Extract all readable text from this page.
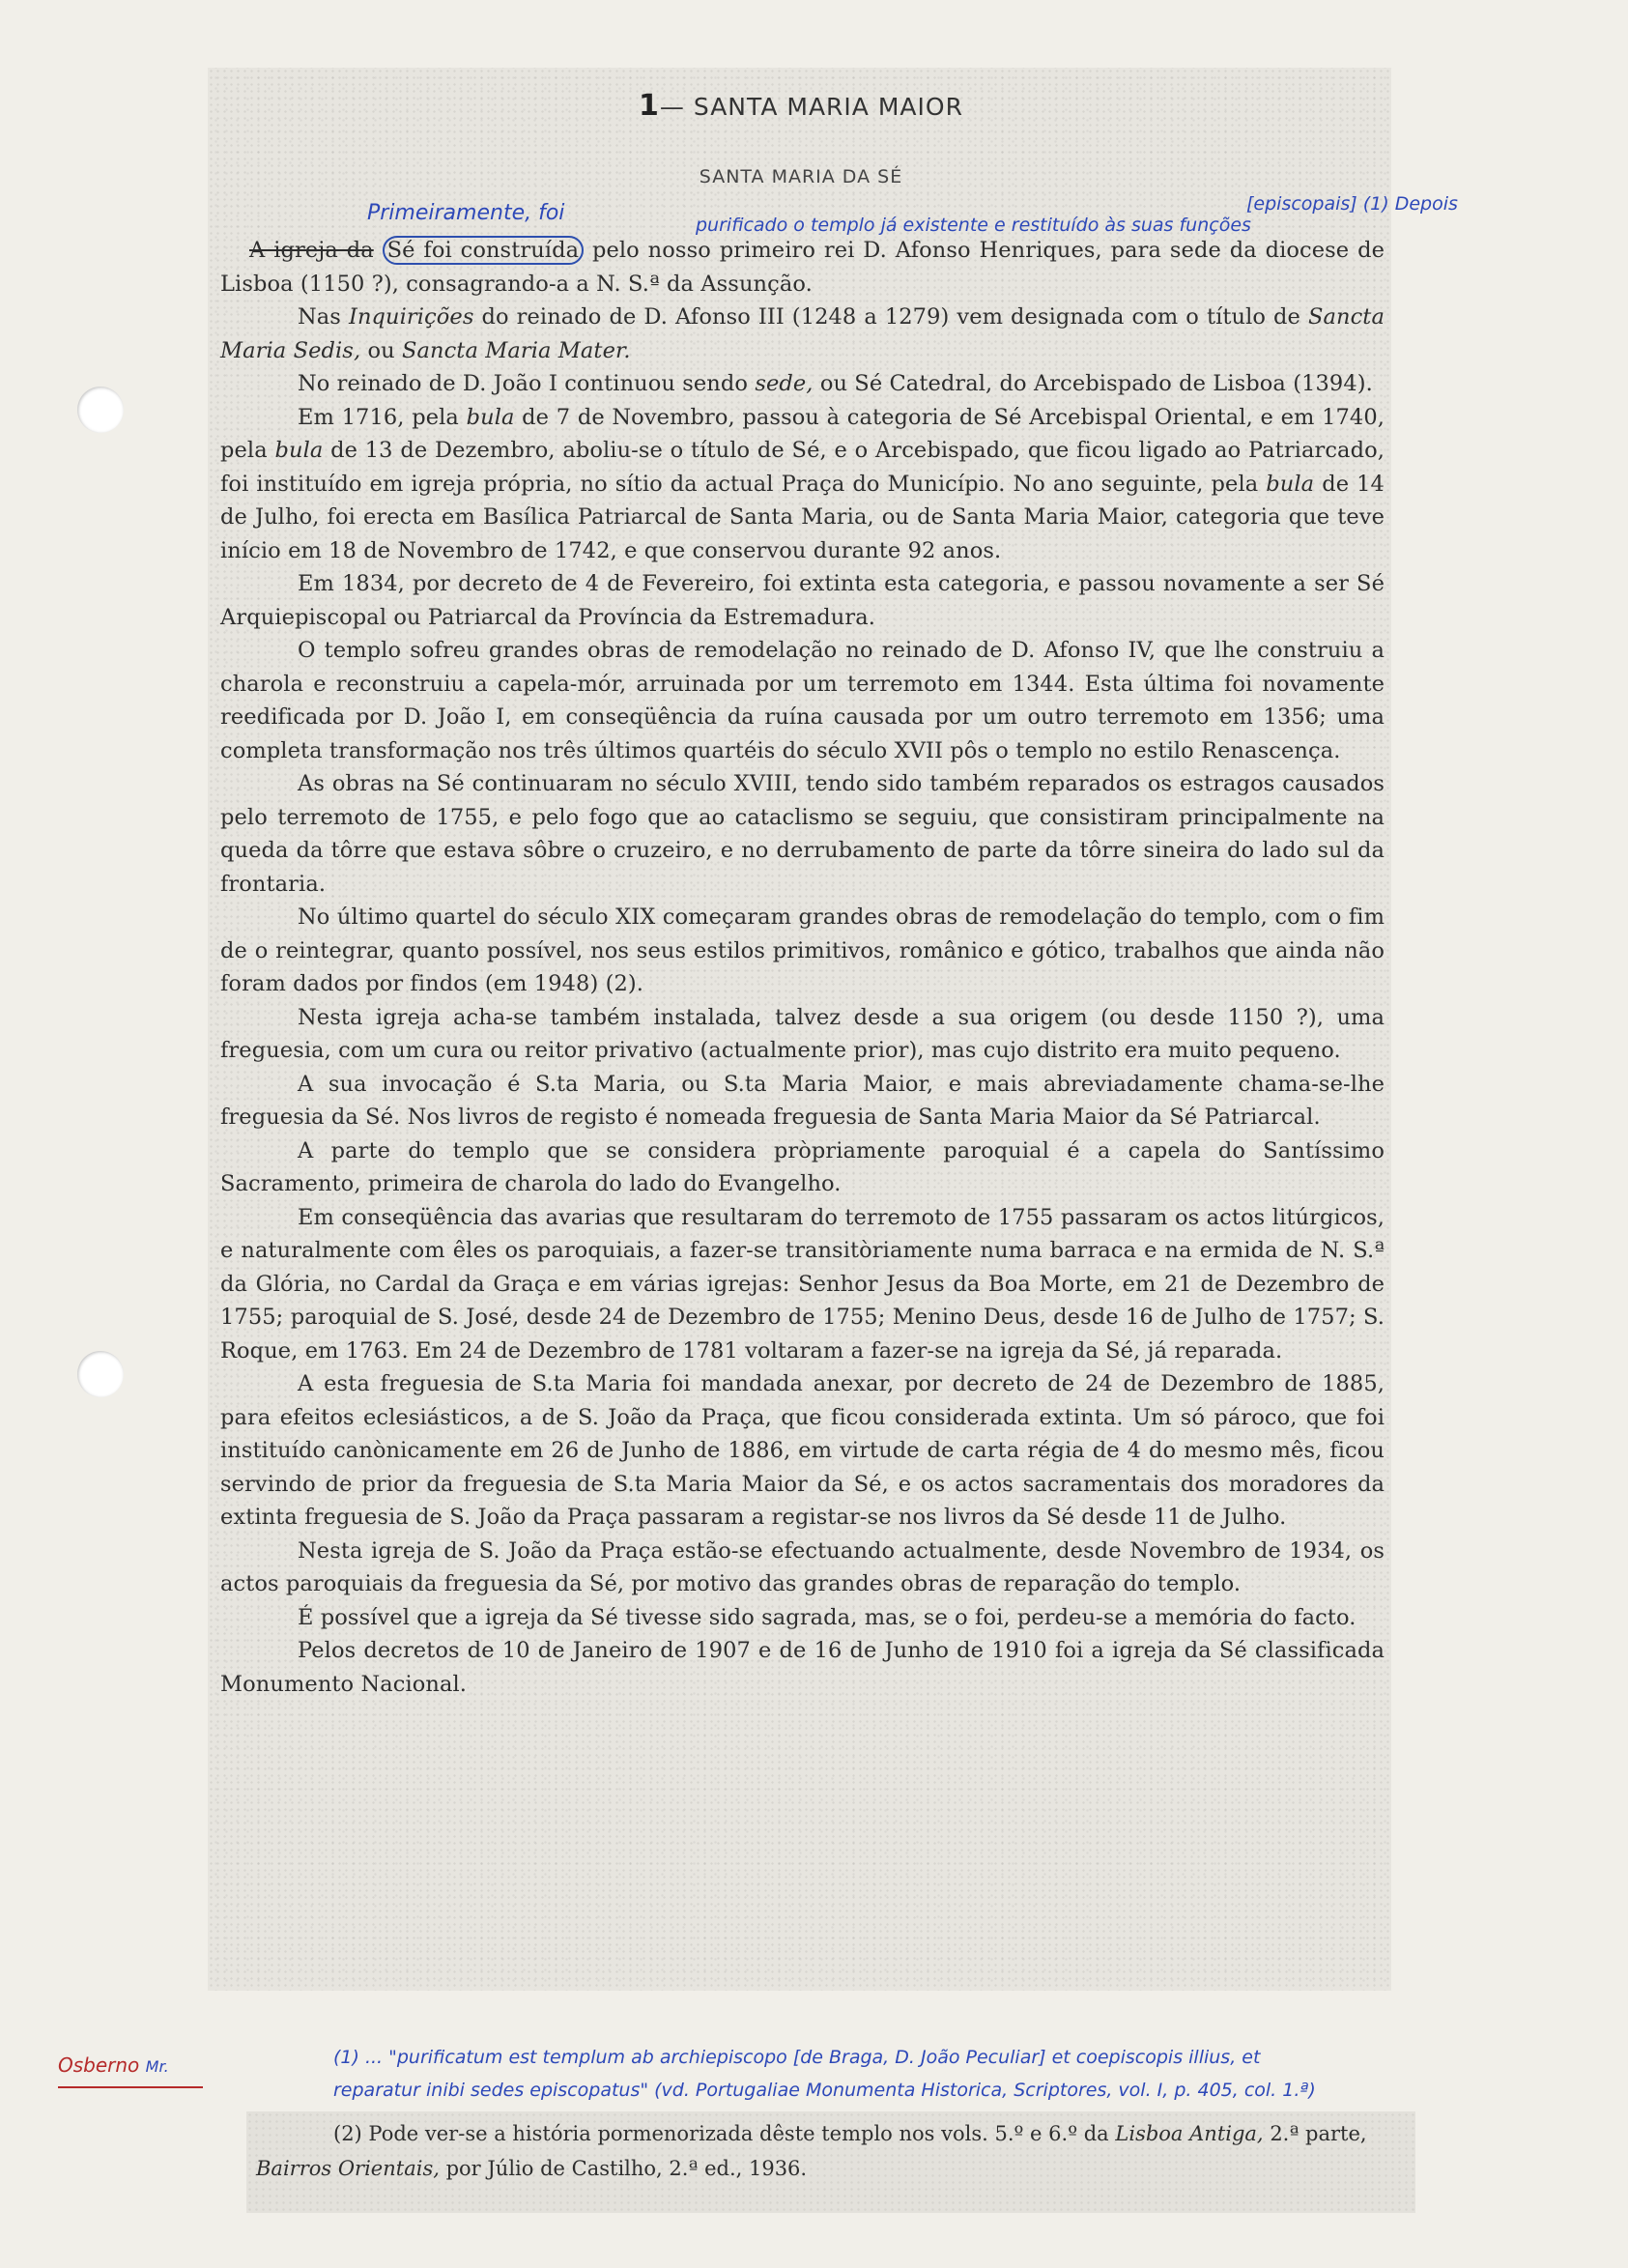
1— SANTA MARIA MAIOR
SANTA MARIA DA SÉ

A igreja da Sé foi construída pelo nosso primeiro rei D. Afonso Henriques, para sede da diocese de Lisboa (1150 ?), consagrando-a a N. S.ª da Assunção.

Nas Inquirições do reinado de D. Afonso III (1248 a 1279) vem designada com o título de Sancta Maria Sedis, ou Sancta Maria Mater.

No reinado de D. João I continuou sendo sede, ou Sé Catedral, do Arcebispado de Lisboa (1394).

Em 1716, pela bula de 7 de Novembro, passou à categoria de Sé Arcebispal Oriental, e em 1740, pela bula de 13 de Dezembro, aboliu-se o título de Sé, e o Arcebispado, que ficou ligado ao Patriarcado, foi instituído em igreja própria, no sítio da actual Praça do Município. No ano seguinte, pela bula de 14 de Julho, foi erecta em Basílica Patriarcal de Santa Maria, ou de Santa Maria Maior, categoria que teve início em 18 de Novembro de 1742, e que conservou durante 92 anos.

Em 1834, por decreto de 4 de Fevereiro, foi extinta esta categoria, e passou novamente a ser Sé Arquiepiscopal ou Patriarcal da Província da Estremadura.

O templo sofreu grandes obras de remodelação no reinado de D. Afonso IV, que lhe construiu a charola e reconstruiu a capela-mór, arruinada por um terremoto em 1344. Esta última foi novamente reedificada por D. João I, em conseqüência da ruína causada por um outro terremoto em 1356; uma completa transformação nos três últimos quartéis do século XVII pôs o templo no estilo Renascença.

As obras na Sé continuaram no século XVIII, tendo sido também reparados os estragos causados pelo terremoto de 1755, e pelo fogo que ao cataclismo se seguiu, que consistiram principalmente na queda da tôrre que estava sôbre o cruzeiro, e no derrubamento de parte da tôrre sineira do lado sul da frontaria.

No último quartel do século XIX começaram grandes obras de remodelação do templo, com o fim de o reintegrar, quanto possível, nos seus estilos primitivos, românico e gótico, trabalhos que ainda não foram dados por findos (em 1948) (2).

Nesta igreja acha-se também instalada, talvez desde a sua origem (ou desde 1150 ?), uma freguesia, com um cura ou reitor privativo (actualmente prior), mas cujo distrito era muito pequeno.

A sua invocação é S.ta Maria, ou S.ta Maria Maior, e mais abreviadamente chama-se-lhe freguesia da Sé. Nos livros de registo é nomeada freguesia de Santa Maria Maior da Sé Patriarcal.

A parte do templo que se considera pròpriamente paroquial é a capela do Santíssimo Sacramento, primeira de charola do lado do Evangelho.

Em conseqüência das avarias que resultaram do terremoto de 1755 passaram os actos litúrgicos, e naturalmente com êles os paroquiais, a fazer-se transitòriamente numa barraca e na ermida de N. S.ª da Glória, no Cardal da Graça e em várias igrejas: Senhor Jesus da Boa Morte, em 21 de Dezembro de 1755; paroquial de S. José, desde 24 de Dezembro de 1755; Menino Deus, desde 16 de Julho de 1757; S. Roque, em 1763. Em 24 de Dezembro de 1781 voltaram a fazer-se na igreja da Sé, já reparada.

A esta freguesia de S.ta Maria foi mandada anexar, por decreto de 24 de Dezembro de 1885, para efeitos eclesiásticos, a de S. João da Praça, que ficou considerada extinta. Um só pároco, que foi instituído canònicamente em 26 de Junho de 1886, em virtude de carta régia de 4 do mesmo mês, ficou servindo de prior da freguesia de S.ta Maria Maior da Sé, e os actos sacramentais dos moradores da extinta freguesia de S. João da Praça passaram a registar-se nos livros da Sé desde 11 de Julho.

Nesta igreja de S. João da Praça estão-se efectuando actualmente, desde Novembro de 1934, os actos paroquiais da freguesia da Sé, por motivo das grandes obras de reparação do templo.

É possível que a igreja da Sé tivesse sido sagrada, mas, se o foi, perdeu-se a memória do facto.

Pelos decretos de 10 de Janeiro de 1907 e de 16 de Junho de 1910 foi a igreja da Sé classificada Monumento Nacional.

Primeiramente, foi	purificado o templo já existente e restituído às suas funções
[episcopais] (1) Depois
Osberno Mr.	(1) ... "purificatum est templum ab archiepiscopo [de Braga, D. João Peculiar] et coepiscopis illius, et
reparatur inibi sedes episcopatus" (vd. Portugaliae Monumenta Historica, Scriptores, vol. I, p. 405, col. 1.ª)
(2) Pode ver-se a história pormenorizada dêste templo nos vols. 5.º e 6.º da Lisboa Antiga, 2.ª parte,
Bairros Orientais, por Júlio de Castilho, 2.ª ed., 1936.
